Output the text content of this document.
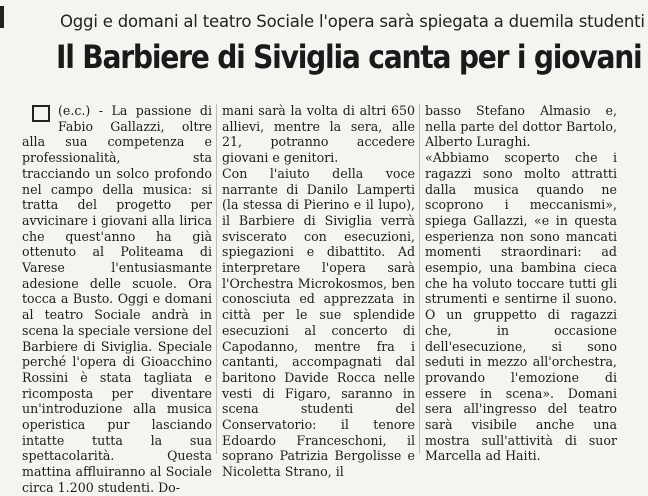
Oggi e domani al teatro Sociale l'opera sarà spiegata a duemila studenti
Il Barbiere di Siviglia canta per i giovani

(e.c.) - La passione di Fabio Gallazzi, oltre alla sua competenza e professionalità, sta tracciando un solco profondo nel campo della musica: si tratta del progetto per avvicinare i giovani alla lirica che quest'anno ha già ottenuto al Politeama di Varese l'entusiasmante adesione delle scuole. Ora tocca a Busto. Oggi e domani al teatro Sociale andrà in scena la speciale versione del Barbiere di Siviglia. Speciale perché l'opera di Gioacchino Rossini è stata tagliata e ricomposta per diventare un'introduzione alla musica operistica pur lasciando intatte tutta la sua spettacolarità. Questa mattina affluiranno al Sociale circa 1.200 studenti. Do-

mani sarà la volta di altri 650 allievi, mentre la sera, alle 21, potranno accedere giovani e genitori.

Con l'aiuto della voce narrante di Danilo Lamperti (la stessa di Pierino e il lupo), il Barbiere di Siviglia verrà sviscerato con esecuzioni, spiegazioni e dibattito. Ad interpretare l'opera sarà l'Orchestra Microkosmos, ben conosciuta ed apprezzata in città per le sue splendide esecuzioni al concerto di Capodanno, mentre fra i cantanti, accompagnati dal baritono Davide Rocca nelle vesti di Figaro, saranno in scena studenti del Conservatorio: il tenore Edoardo Franceschoni, il soprano Patrizia Bergolisse e Nicoletta Strano, il

basso Stefano Almasio e, nella parte del dottor Bartolo, Alberto Luraghi.

«Abbiamo scoperto che i ragazzi sono molto attratti dalla musica quando ne scoprono i meccanismi», spiega Gallazzi, «e in questa esperienza non sono mancati momenti straordinari: ad esempio, una bambina cieca che ha voluto toccare tutti gli strumenti e sentirne il suono. O un gruppetto di ragazzi che, in occasione dell'esecuzione, si sono seduti in mezzo all'orchestra, provando l'emozione di essere in scena». Domani sera all'ingresso del teatro sarà visibile anche una mostra sull'attività di suor Marcella ad Haiti.
